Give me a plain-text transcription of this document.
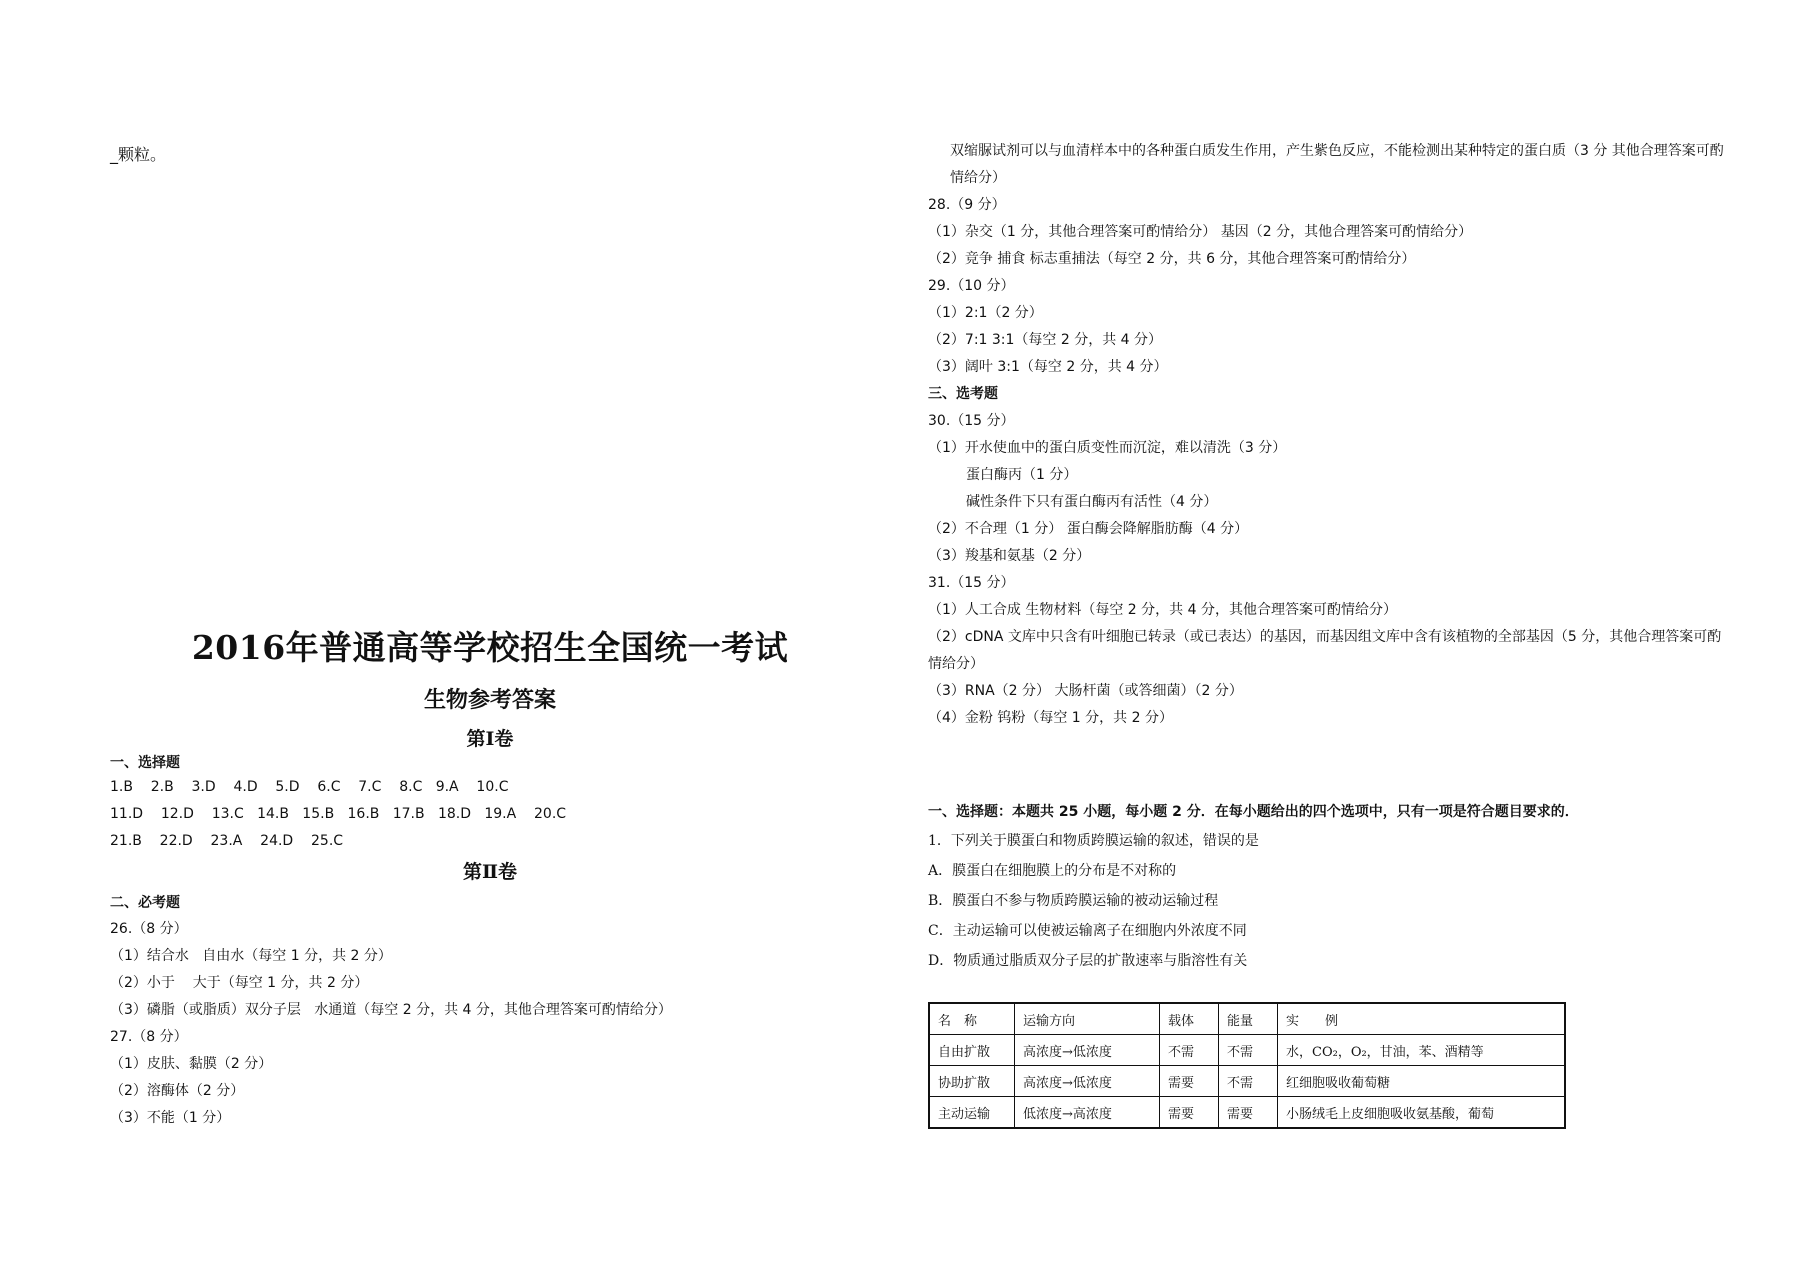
_颗粒。
2016年普通高等学校招生全国统一考试
生物参考答案
第Ⅰ卷
一、选择题
1.B    2.B    3.D    4.D    5.D    6.C    7.C    8.C   9.A    10.C
11.D    12.D    13.C   14.B   15.B   16.B   17.B   18.D   19.A    20.C
21.B    22.D    23.A    24.D    25.C
第Ⅱ卷
二、必考题
26.（8 分）
（1）结合水   自由水（每空 1 分，共 2 分）
（2）小于    大于（每空 1 分，共 2 分）
（3）磷脂（或脂质）双分子层   水通道（每空 2 分，共 4 分，其他合理答案可酌情给分）
27.（8 分）
（1）皮肤、黏膜（2 分）
（2）溶酶体（2 分）
（3）不能（1 分）
双缩脲试剂可以与血清样本中的各种蛋白质发生作用，产生紫色反应，不能检测出某种特定的蛋白质（3 分 其他合理答案可酌情给分）
28.（9 分）
（1）杂交（1 分，其他合理答案可酌情给分） 基因（2 分，其他合理答案可酌情给分）
（2）竞争 捕食 标志重捕法（每空 2 分，共 6 分，其他合理答案可酌情给分）
29.（10 分）
（1）2:1（2 分）
（2）7:1 3:1（每空 2 分，共 4 分）
（3）阔叶 3:1（每空 2 分，共 4 分）
三、选考题
30.（15 分）
（1）开水使血中的蛋白质变性而沉淀，难以清洗（3 分）
蛋白酶丙（1 分）
碱性条件下只有蛋白酶丙有活性（4 分）
（2）不合理（1 分） 蛋白酶会降解脂肪酶（4 分）
（3）羧基和氨基（2 分）
31.（15 分）
（1）人工合成 生物材料（每空 2 分，共 4 分，其他合理答案可酌情给分）
（2）cDNA 文库中只含有叶细胞已转录（或已表达）的基因，而基因组文库中含有该植物的全部基因（5 分，其他合理答案可酌情给分）
（3）RNA（2 分） 大肠杆菌（或答细菌）（2 分）
（4）金粉 钨粉（每空 1 分，共 2 分）
一、选择题：本题共 25 小题，每小题 2 分．在每小题给出的四个选项中，只有一项是符合题目要求的．
1．下列关于膜蛋白和物质跨膜运输的叙述，错误的是
A．膜蛋白在细胞膜上的分布是不对称的
B．膜蛋白不参与物质跨膜运输的被动运输过程
C．主动运输可以使被运输离子在细胞内外浓度不同
D．物质通过脂质双分子层的扩散速率与脂溶性有关
名　称	运输方向	载体	能量	实　　例
自由扩散	高浓度→低浓度	不需	不需	水，CO₂，O₂，甘油，苯、酒精等
协助扩散	高浓度→低浓度	需要	不需	红细胞吸收葡萄糖
主动运输	低浓度→高浓度	需要	需要	小肠绒毛上皮细胞吸收氨基酸，葡萄
